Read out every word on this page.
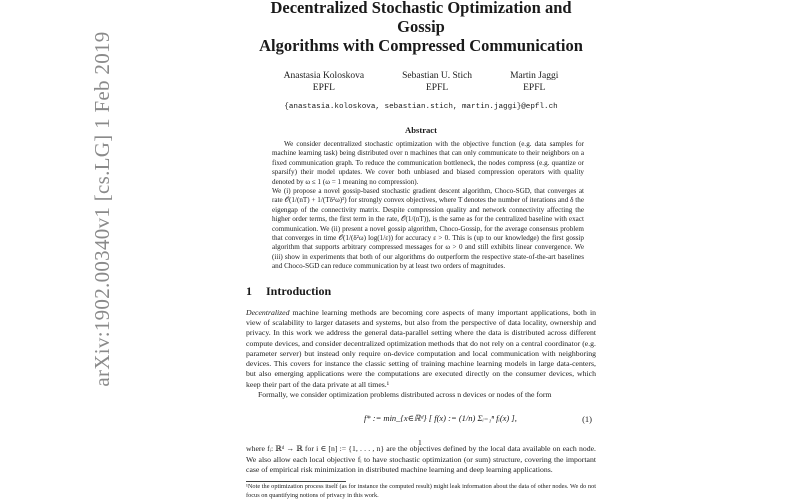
arXiv:1902.00340v1 [cs.LG] 1 Feb 2019
Decentralized Stochastic Optimization and Gossip
Algorithms with Compressed Communication
Anastasia Koloskova
EPFL
Sebastian U. Stich
EPFL
Martin Jaggi
EPFL
{anastasia.koloskova, sebastian.stich, martin.jaggi}@epfl.ch
Abstract

We consider decentralized stochastic optimization with the objective function (e.g. data samples for machine learning task) being distributed over n machines that can only communicate to their neighbors on a fixed communication graph. To reduce the communication bottleneck, the nodes compress (e.g. quantize or sparsify) their model updates. We cover both unbiased and biased compression operators with quality denoted by ω ≤ 1 (ω = 1 meaning no compression).

We (i) propose a novel gossip-based stochastic gradient descent algorithm, Choco-SGD, that converges at rate 𝒪(1/(nT) + 1/(Tδ²ω)²) for strongly convex objectives, where T denotes the number of iterations and δ the eigengap of the connectivity matrix. Despite compression quality and network connectivity affecting the higher order terms, the first term in the rate, 𝒪(1/(nT)), is the same as for the centralized baseline with exact communication. We (ii) present a novel gossip algorithm, Choco-Gossip, for the average consensus problem that converges in time 𝒪(1/(δ²ω) log(1/ε)) for accuracy ε > 0. This is (up to our knowledge) the first gossip algorithm that supports arbitrary compressed messages for ω > 0 and still exhibits linear convergence. We (iii) show in experiments that both of our algorithms do outperform the respective state-of-the-art baselines and Choco-SGD can reduce communication by at least two orders of magnitudes.

1 Introduction

Decentralized machine learning methods are becoming core aspects of many important applications, both in view of scalability to larger datasets and systems, but also from the perspective of data locality, ownership and privacy. In this work we address the general data-parallel setting where the data is distributed across different compute devices, and consider decentralized optimization methods that do not rely on a central coordinator (e.g. parameter server) but instead only require on-device computation and local communication with neighboring devices. This covers for instance the classic setting of training machine learning models in large data-centers, but also emerging applications were the computations are executed directly on the consumer devices, which keep their part of the data private at all times.¹

Formally, we consider optimization problems distributed across n devices or nodes of the form

f* := min_{x∈ℝᵈ} [ f(x) := (1/n) Σᵢ₌₁ⁿ fᵢ(x) ],	(1)

where fᵢ: ℝᵈ → ℝ for i ∈ [n] := {1, . . . , n} are the objectives defined by the local data available on each node. We also allow each local objective fᵢ to have stochastic optimization (or sum) structure, covering the important case of empirical risk minimization in distributed machine learning and deep learning applications.

¹Note the optimization process itself (as for instance the computed result) might leak information about the data of other nodes. We do not focus on quantifying notions of privacy in this work.
1
